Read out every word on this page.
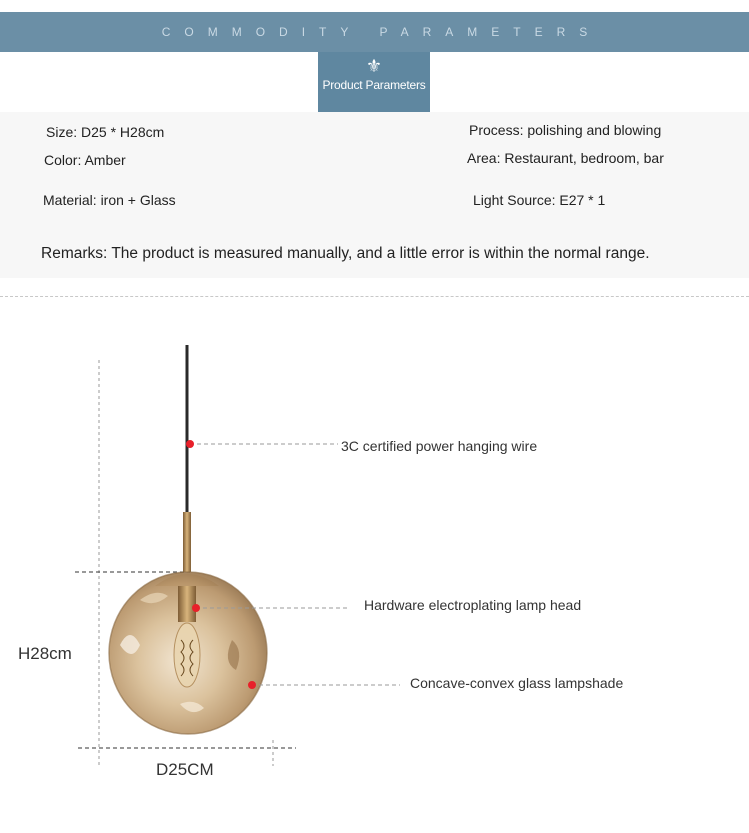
COMMODITY PARAMETERS
⚜
Product Parameters
Size: D25 * H28cm
Color: Amber
Material: iron + Glass
Process: polishing and blowing
Area: Restaurant, bedroom, bar
Light Source: E27 * 1
Remarks: The product is measured manually, and a little error is within the normal range.
3C certified power hanging wire
Hardware electroplating lamp head
Concave-convex glass lampshade
H28cm
D25CM
